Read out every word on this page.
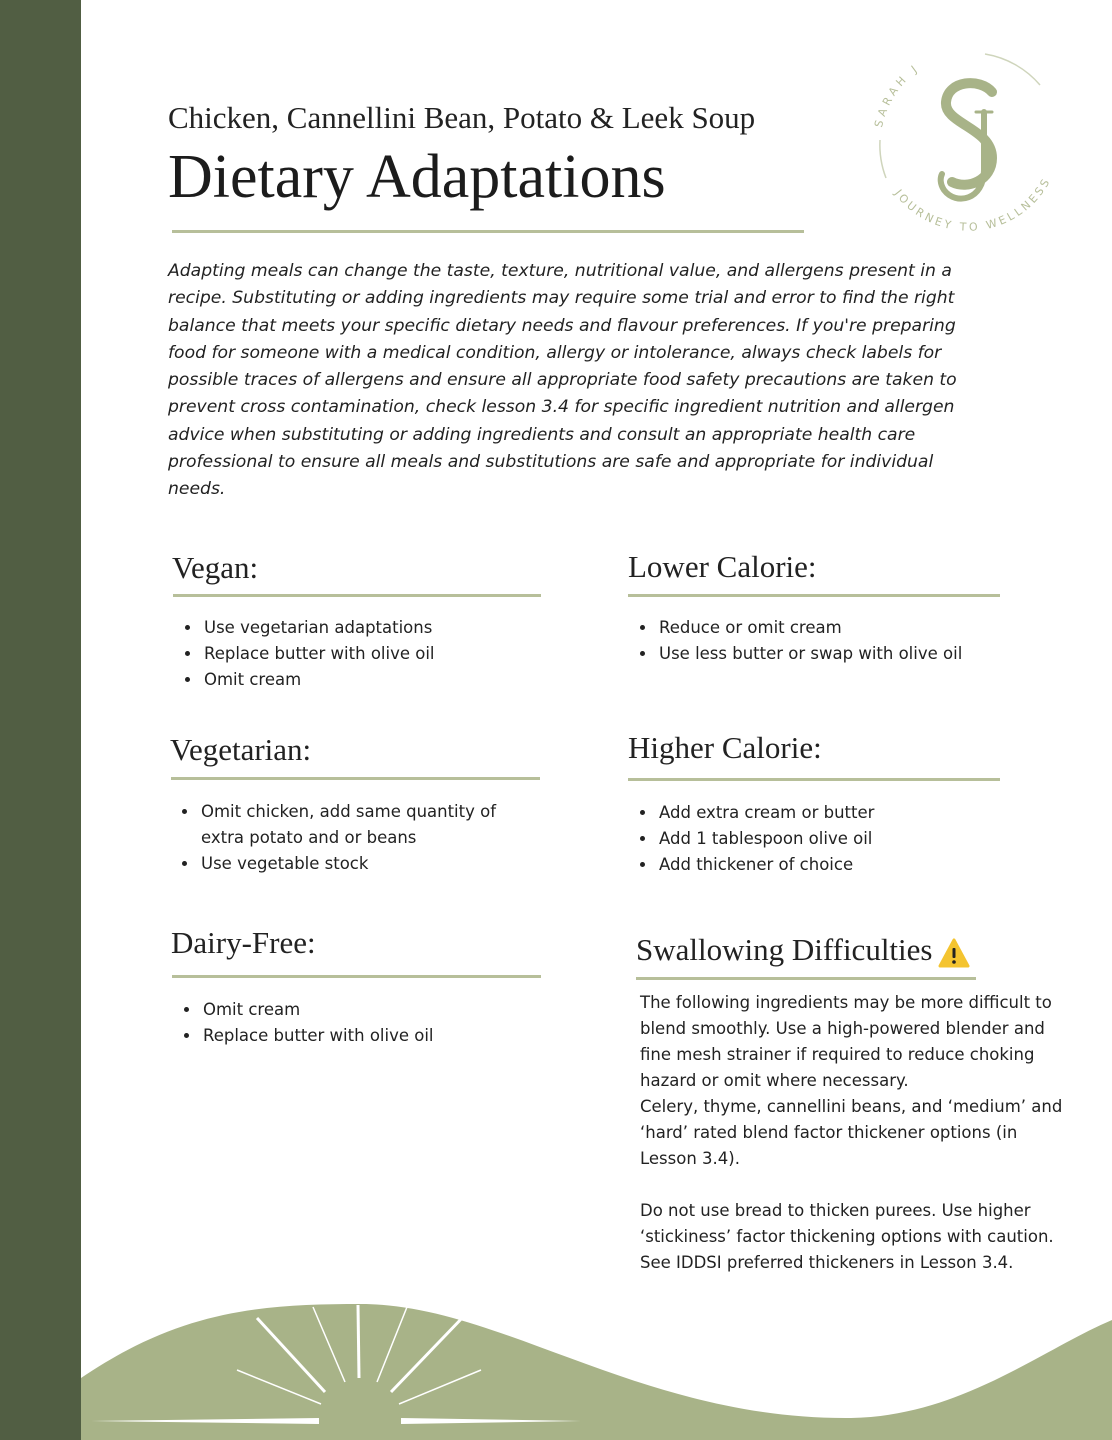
Chicken, Cannellini Bean, Potato & Leek Soup
Dietary Adaptations
SARAH J
JOURNEY TO WELLNESS
Adapting meals can change the taste, texture, nutritional value, and allergens present in a recipe. Substituting or adding ingredients may require some trial and error to find the right balance that meets your specific dietary needs and flavour preferences. If you're preparing food for someone with a medical condition, allergy or intolerance, always check labels for possible traces of allergens and ensure all appropriate food safety precautions are taken to prevent cross contamination, check lesson 3.4 for specific ingredient nutrition and allergen advice when substituting or adding ingredients and consult an appropriate health care professional to ensure all meals and substitutions are safe and appropriate for individual needs.
Vegan:
• Use vegetarian adaptations
• Replace butter with olive oil
• Omit cream
Vegetarian:
• Omit chicken, add same quantity of extra potato and or beans
• Use vegetable stock
Dairy-Free:
• Omit cream
• Replace butter with olive oil
Lower Calorie:
• Reduce or omit cream
• Use less butter or swap with olive oil
Higher Calorie:
• Add extra cream or butter
• Add 1 tablespoon olive oil
• Add thickener of choice
Swallowing Difficulties

The following ingredients may be more difficult to blend smoothly. Use a high-powered blender and fine mesh strainer if required to reduce choking hazard or omit where necessary.

Celery, thyme, cannellini beans, and ‘medium’ and ‘hard’ rated blend factor thickener options (in Lesson 3.4).

Do not use bread to thicken purees. Use higher ‘stickiness’ factor thickening options with caution. See IDDSI preferred thickeners in Lesson 3.4.
